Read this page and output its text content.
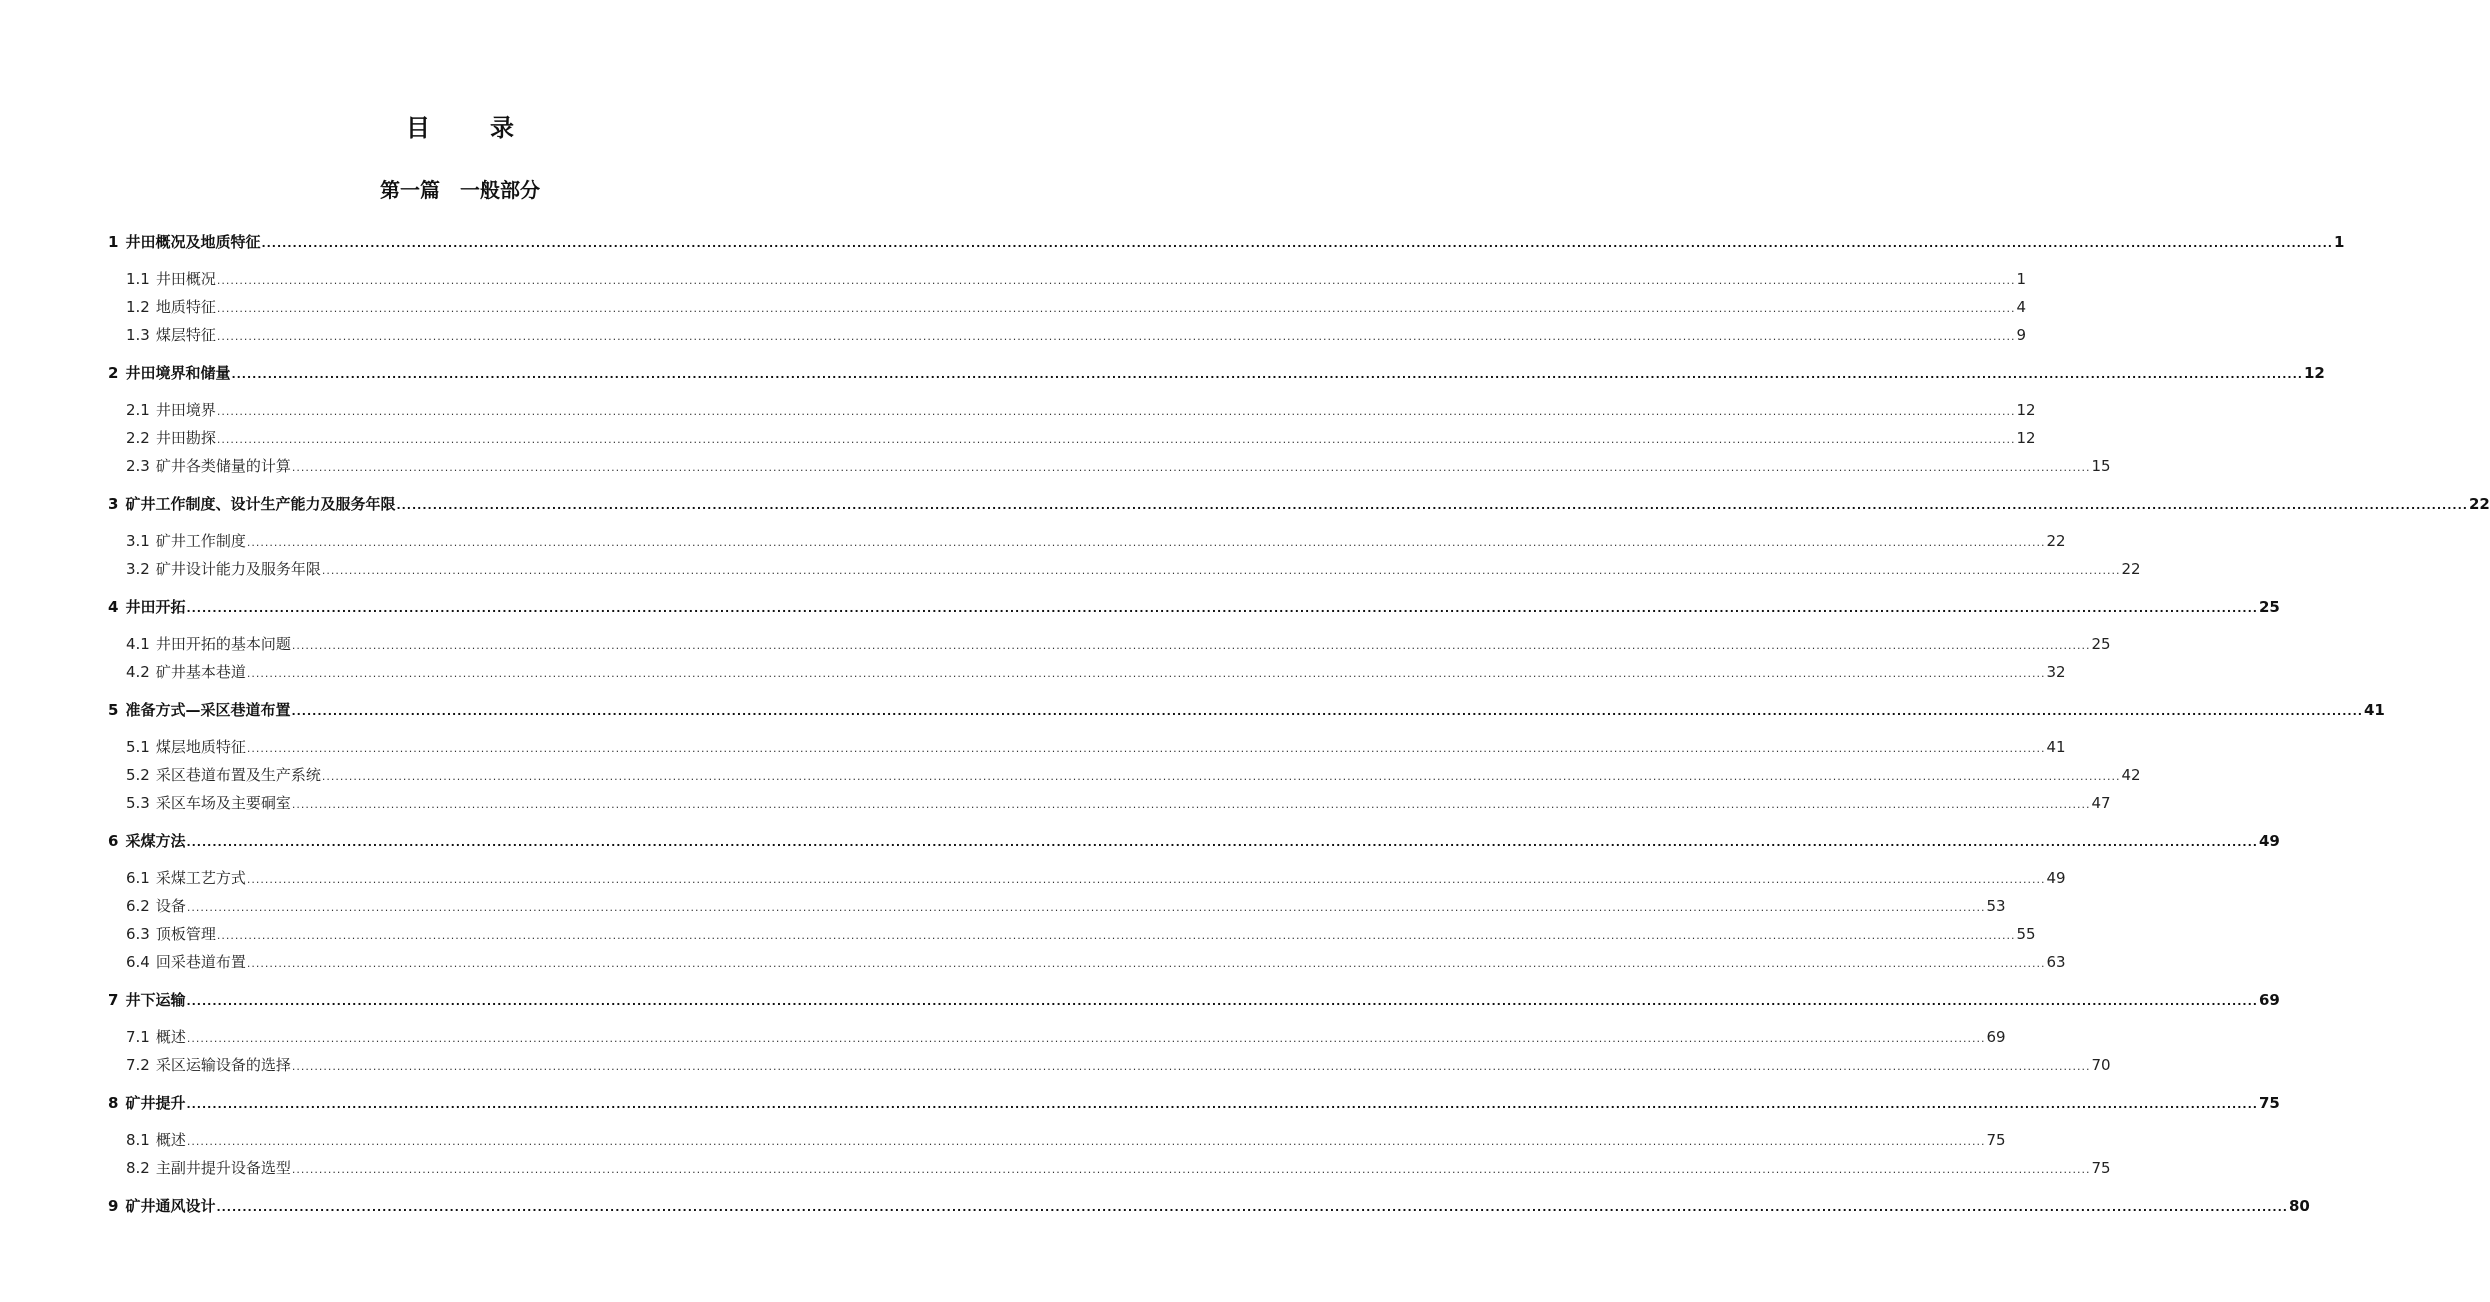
目　录
第一篇　一般部分
1 井田概况及地质特征 ................................................................................................................................................................................................................................................................................................................................................................................................................ 1
1.1 井田概况 ................................................................................................................................................................................................................................................................................................................................................................................................................ 1
1.2 地质特征 ................................................................................................................................................................................................................................................................................................................................................................................................................ 4
1.3 煤层特征 ................................................................................................................................................................................................................................................................................................................................................................................................................ 9
2 井田境界和储量 ................................................................................................................................................................................................................................................................................................................................................................................................................ 12
2.1 井田境界 ................................................................................................................................................................................................................................................................................................................................................................................................................ 12
2.2 井田勘探 ................................................................................................................................................................................................................................................................................................................................................................................................................ 12
2.3 矿井各类储量的计算 ................................................................................................................................................................................................................................................................................................................................................................................................................ 15
3 矿井工作制度、设计生产能力及服务年限 ................................................................................................................................................................................................................................................................................................................................................................................................................ 22
3.1 矿井工作制度 ................................................................................................................................................................................................................................................................................................................................................................................................................ 22
3.2 矿井设计能力及服务年限 ................................................................................................................................................................................................................................................................................................................................................................................................................ 22
4 井田开拓 ................................................................................................................................................................................................................................................................................................................................................................................................................ 25
4.1 井田开拓的基本问题 ................................................................................................................................................................................................................................................................................................................................................................................................................ 25
4.2 矿井基本巷道 ................................................................................................................................................................................................................................................................................................................................................................................................................ 32
5 准备方式—采区巷道布置 ................................................................................................................................................................................................................................................................................................................................................................................................................ 41
5.1 煤层地质特征 ................................................................................................................................................................................................................................................................................................................................................................................................................ 41
5.2 采区巷道布置及生产系统 ................................................................................................................................................................................................................................................................................................................................................................................................................ 42
5.3 采区车场及主要硐室 ................................................................................................................................................................................................................................................................................................................................................................................................................ 47
6 采煤方法 ................................................................................................................................................................................................................................................................................................................................................................................................................ 49
6.1 采煤工艺方式 ................................................................................................................................................................................................................................................................................................................................................................................................................ 49
6.2 设备 ................................................................................................................................................................................................................................................................................................................................................................................................................ 53
6.3 顶板管理 ................................................................................................................................................................................................................................................................................................................................................................................................................ 55
6.4 回采巷道布置 ................................................................................................................................................................................................................................................................................................................................................................................................................ 63
7 井下运输 ................................................................................................................................................................................................................................................................................................................................................................................................................ 69
7.1 概述 ................................................................................................................................................................................................................................................................................................................................................................................................................ 69
7.2 采区运输设备的选择 ................................................................................................................................................................................................................................................................................................................................................................................................................ 70
8 矿井提升 ................................................................................................................................................................................................................................................................................................................................................................................................................ 75
8.1 概述 ................................................................................................................................................................................................................................................................................................................................................................................................................ 75
8.2 主副井提升设备选型 ................................................................................................................................................................................................................................................................................................................................................................................................................ 75
9 矿井通风设计 ................................................................................................................................................................................................................................................................................................................................................................................................................ 80
